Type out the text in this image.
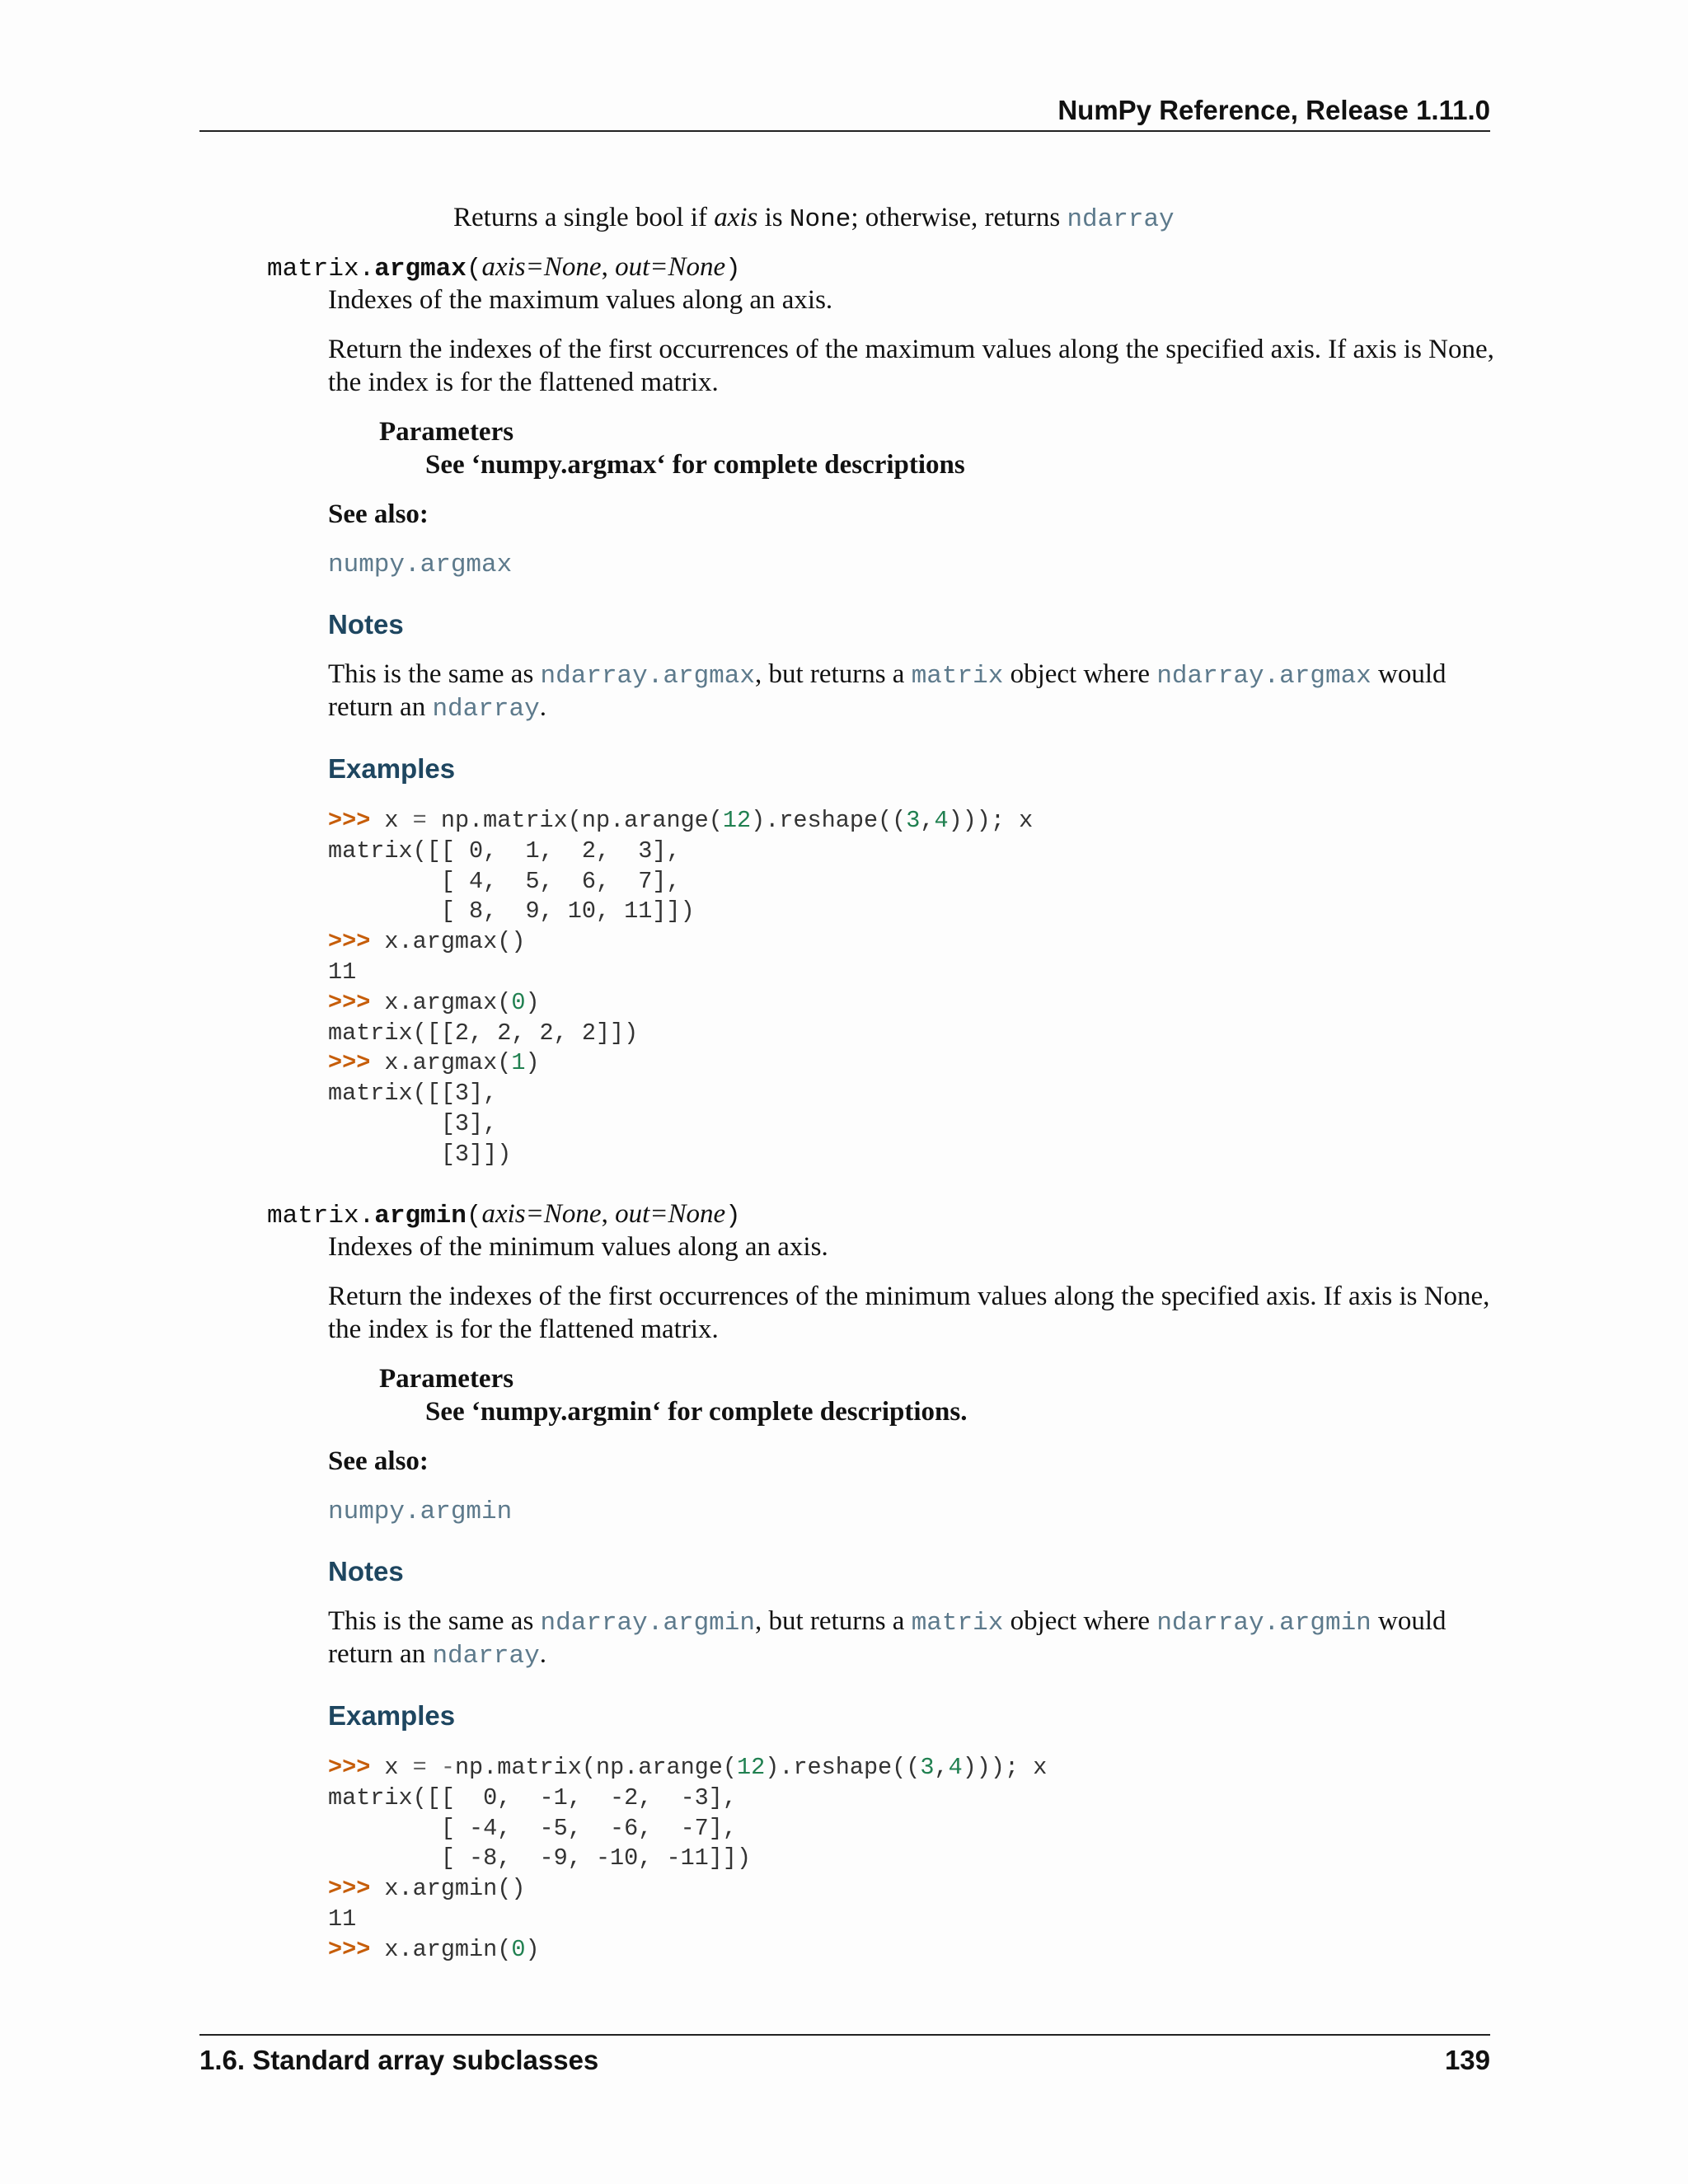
NumPy Reference, Release 1.11.0
Returns a single bool if axis is None; otherwise, returns ndarray
matrix.argmax(axis=None, out=None)
Indexes of the maximum values along an axis.
Return the indexes of the first occurrences of the maximum values along the specified axis. If axis is None,
the index is for the flattened matrix.
Parameters
See ‘numpy.argmax‘ for complete descriptions
See also:
numpy.argmax
Notes
This is the same as ndarray.argmax, but returns a matrix object where ndarray.argmax would
return an ndarray.
Examples
>>> x = np.matrix(np.arange(12).reshape((3,4))); x
matrix([[ 0,  1,  2,  3],
[ 4,  5,  6,  7],
[ 8,  9, 10, 11]])
>>> x.argmax()
11
>>> x.argmax(0)
matrix([[2, 2, 2, 2]])
>>> x.argmax(1)
matrix([[3],
[3],
[3]])
matrix.argmin(axis=None, out=None)
Indexes of the minimum values along an axis.
Return the indexes of the first occurrences of the minimum values along the specified axis. If axis is None,
the index is for the flattened matrix.
Parameters
See ‘numpy.argmin‘ for complete descriptions.
See also:
numpy.argmin
Notes
This is the same as ndarray.argmin, but returns a matrix object where ndarray.argmin would
return an ndarray.
Examples
>>> x = -np.matrix(np.arange(12).reshape((3,4))); x
matrix([[  0,  -1,  -2,  -3],
[ -4,  -5,  -6,  -7],
[ -8,  -9, -10, -11]])
>>> x.argmin()
11
>>> x.argmin(0)
1.6. Standard array subclasses	139
